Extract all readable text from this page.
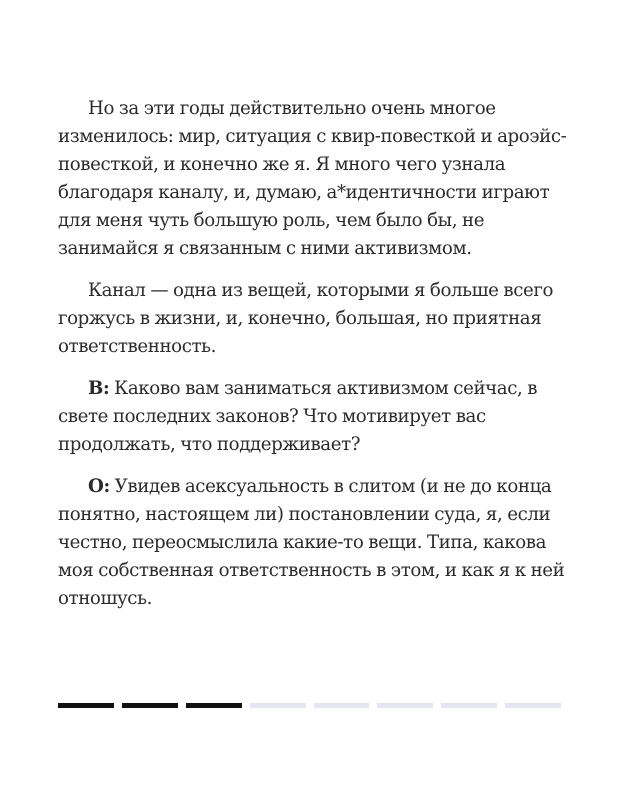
Но за эти годы действительно очень многое изменилось: мир, ситуация с квир-повесткой и ароэйс-повесткой, и конечно же я. Я много чего узнала благодаря каналу, и, думаю, а*идентичности играют для меня чуть большую роль, чем было бы, не занимайся я связанным с ними активизмом.

Канал — одна из вещей, которыми я больше всего горжусь в жизни, и, конечно, большая, но приятная ответственность.

В: Каково вам заниматься активизмом сейчас, в свете последних законов? Что мотивирует вас продолжать, что поддерживает?

О: Увидев асексуальность в слитом (и не до конца понятно, настоящем ли) постановлении суда, я, если честно, переосмыслила какие-то вещи. Типа, какова моя собственная ответственность в этом, и как я к ней отношусь.
